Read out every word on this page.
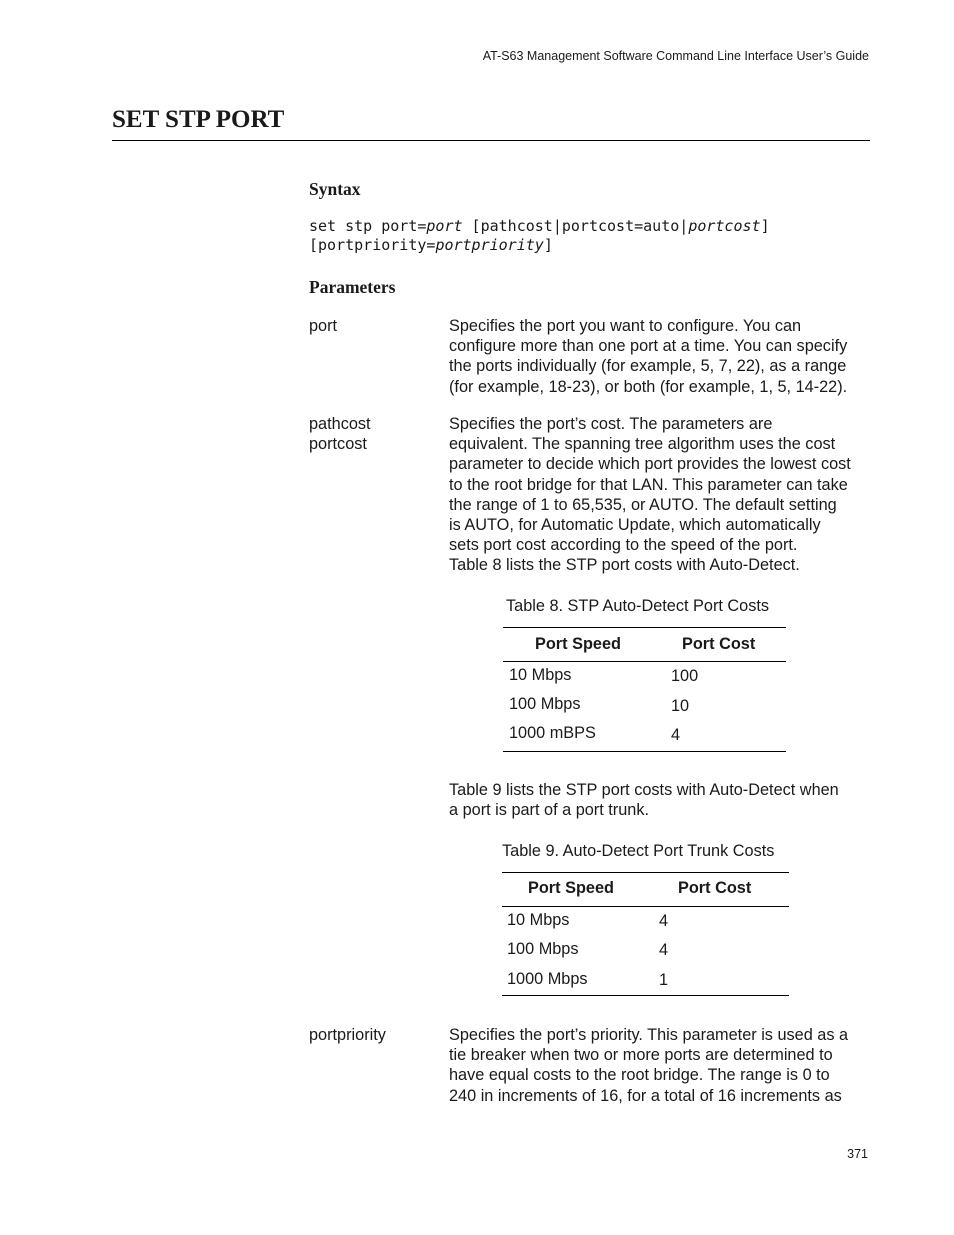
AT-S63 Management Software Command Line Interface User’s Guide
SET STP PORT
Syntax
set stp port=port [pathcost|portcost=auto|portcost]
[portpriority=portpriority]
Parameters
port	Specifies the port you want to configure. You can
configure more than one port at a time. You can specify
the ports individually (for example, 5, 7, 22), as a range
(for example, 18-23), or both (for example, 1, 5, 14-22).
pathcost
portcost
Specifies the port’s cost. The parameters are
equivalent. The spanning tree algorithm uses the cost
parameter to decide which port provides the lowest cost
to the root bridge for that LAN. This parameter can take
the range of 1 to 65,535, or AUTO. The default setting
is AUTO, for Automatic Update, which automatically
sets port cost according to the speed of the port.
Table 8 lists the STP port costs with Auto-Detect.
Table 8. STP Auto-Detect Port Costs
Port Speed	Port Cost
10 Mbps	100
100 Mbps	10
1000 mBPS	4
Table 9 lists the STP port costs with Auto-Detect when
a port is part of a port trunk.
Table 9. Auto-Detect Port Trunk Costs
Port Speed	Port Cost
10 Mbps	4
100 Mbps	4
1000 Mbps	1
portpriority	Specifies the port’s priority. This parameter is used as a
tie breaker when two or more ports are determined to
have equal costs to the root bridge. The range is 0 to
240 in increments of 16, for a total of 16 increments as
371
